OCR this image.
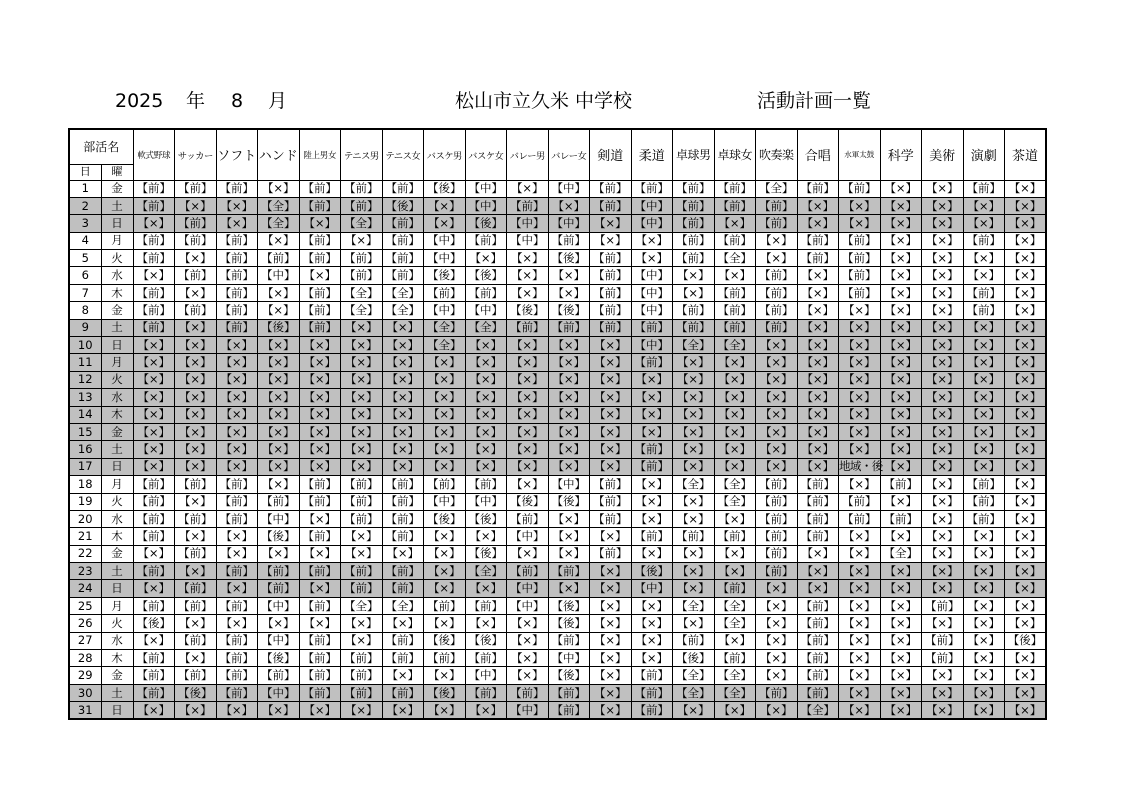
2025 年 8 月	松山市立久米 中学校	活動計画一覧
部活名		軟式野球	サッカー	ソフト	ハンド	陸上男女	テニス男	テニス女	バスケ男	バスケ女	バレー男	バレー女	剣道	柔道	卓球男	卓球女	吹奏楽	合唱	水軍太鼓	科学	美術	演劇	茶道
日	曜																						
1	金	【前】	【前】	【前】	【×】	【前】	【前】	【前】	【後】	【中】	【×】	【中】	【前】	【前】	【前】	【前】	【全】	【前】	【前】	【×】	【×】	【前】	【×】
2	土	【前】	【×】	【×】	【全】	【前】	【前】	【後】	【×】	【中】	【前】	【×】	【前】	【中】	【前】	【前】	【前】	【×】	【×】	【×】	【×】	【×】	【×】
3	日	【×】	【前】	【×】	【全】	【×】	【全】	【前】	【×】	【後】	【中】	【中】	【×】	【中】	【前】	【×】	【前】	【×】	【×】	【×】	【×】	【×】	【×】
4	月	【前】	【前】	【前】	【×】	【前】	【×】	【前】	【中】	【前】	【中】	【前】	【×】	【×】	【前】	【前】	【×】	【前】	【前】	【×】	【×】	【前】	【×】
5	火	【前】	【×】	【前】	【前】	【前】	【前】	【前】	【中】	【×】	【×】	【後】	【前】	【×】	【前】	【全】	【×】	【前】	【前】	【×】	【×】	【×】	【×】
6	水	【×】	【前】	【前】	【中】	【×】	【前】	【前】	【後】	【後】	【×】	【×】	【前】	【中】	【×】	【×】	【前】	【×】	【前】	【×】	【×】	【×】	【×】
7	木	【前】	【×】	【前】	【×】	【前】	【全】	【全】	【前】	【前】	【×】	【×】	【前】	【中】	【×】	【前】	【前】	【×】	【前】	【×】	【×】	【前】	【×】
8	金	【前】	【前】	【前】	【×】	【前】	【全】	【全】	【中】	【中】	【後】	【後】	【前】	【中】	【前】	【前】	【前】	【×】	【×】	【×】	【×】	【前】	【×】
9	土	【前】	【×】	【前】	【後】	【前】	【×】	【×】	【全】	【全】	【前】	【前】	【前】	【前】	【前】	【前】	【前】	【×】	【×】	【×】	【×】	【×】	【×】
10	日	【×】	【×】	【×】	【×】	【×】	【×】	【×】	【全】	【×】	【×】	【×】	【×】	【中】	【全】	【全】	【×】	【×】	【×】	【×】	【×】	【×】	【×】
11	月	【×】	【×】	【×】	【×】	【×】	【×】	【×】	【×】	【×】	【×】	【×】	【×】	【前】	【×】	【×】	【×】	【×】	【×】	【×】	【×】	【×】	【×】
12	火	【×】	【×】	【×】	【×】	【×】	【×】	【×】	【×】	【×】	【×】	【×】	【×】	【×】	【×】	【×】	【×】	【×】	【×】	【×】	【×】	【×】	【×】
13	水	【×】	【×】	【×】	【×】	【×】	【×】	【×】	【×】	【×】	【×】	【×】	【×】	【×】	【×】	【×】	【×】	【×】	【×】	【×】	【×】	【×】	【×】
14	木	【×】	【×】	【×】	【×】	【×】	【×】	【×】	【×】	【×】	【×】	【×】	【×】	【×】	【×】	【×】	【×】	【×】	【×】	【×】	【×】	【×】	【×】
15	金	【×】	【×】	【×】	【×】	【×】	【×】	【×】	【×】	【×】	【×】	【×】	【×】	【×】	【×】	【×】	【×】	【×】	【×】	【×】	【×】	【×】	【×】
16	土	【×】	【×】	【×】	【×】	【×】	【×】	【×】	【×】	【×】	【×】	【×】	【×】	【前】	【×】	【×】	【×】	【×】	【×】	【×】	【×】	【×】	【×】
17	日	【×】	【×】	【×】	【×】	【×】	【×】	【×】	【×】	【×】	【×】	【×】	【×】	【前】	【×】	【×】	【×】	【×】	地域・後	【×】	【×】	【×】	【×】
18	月	【前】	【前】	【前】	【×】	【前】	【前】	【前】	【前】	【前】	【×】	【中】	【前】	【×】	【全】	【全】	【前】	【前】	【×】	【前】	【×】	【前】	【×】
19	火	【前】	【×】	【前】	【前】	【前】	【前】	【前】	【中】	【中】	【後】	【後】	【前】	【×】	【×】	【全】	【前】	【前】	【前】	【×】	【×】	【前】	【×】
20	水	【前】	【前】	【前】	【中】	【×】	【前】	【前】	【後】	【後】	【前】	【×】	【前】	【×】	【×】	【×】	【前】	【前】	【前】	【前】	【×】	【前】	【×】
21	木	【前】	【×】	【×】	【後】	【前】	【×】	【前】	【×】	【×】	【中】	【×】	【×】	【前】	【前】	【前】	【前】	【前】	【×】	【×】	【×】	【×】	【×】
22	金	【×】	【前】	【×】	【×】	【×】	【×】	【×】	【×】	【後】	【×】	【×】	【前】	【×】	【×】	【×】	【前】	【×】	【×】	【全】	【×】	【×】	【×】
23	土	【前】	【×】	【前】	【前】	【前】	【前】	【前】	【×】	【全】	【前】	【前】	【×】	【後】	【×】	【×】	【前】	【×】	【×】	【×】	【×】	【×】	【×】
24	日	【×】	【前】	【×】	【前】	【×】	【前】	【前】	【×】	【×】	【中】	【×】	【×】	【中】	【×】	【前】	【×】	【×】	【×】	【×】	【×】	【×】	【×】
25	月	【前】	【前】	【前】	【中】	【前】	【全】	【全】	【前】	【前】	【中】	【後】	【×】	【×】	【全】	【全】	【×】	【前】	【×】	【×】	【前】	【×】	【×】
26	火	【後】	【×】	【×】	【×】	【×】	【×】	【×】	【×】	【×】	【×】	【後】	【×】	【×】	【×】	【全】	【×】	【前】	【×】	【×】	【×】	【×】	【×】
27	水	【×】	【前】	【前】	【中】	【前】	【×】	【前】	【後】	【後】	【×】	【前】	【×】	【×】	【前】	【×】	【×】	【前】	【×】	【×】	【前】	【×】	【後】
28	木	【前】	【×】	【前】	【後】	【前】	【前】	【前】	【前】	【前】	【×】	【中】	【×】	【×】	【後】	【前】	【×】	【前】	【×】	【×】	【前】	【×】	【×】
29	金	【前】	【前】	【前】	【前】	【前】	【前】	【×】	【×】	【中】	【×】	【後】	【×】	【前】	【全】	【全】	【×】	【前】	【×】	【×】	【×】	【×】	【×】
30	土	【前】	【後】	【前】	【中】	【前】	【前】	【前】	【後】	【前】	【前】	【前】	【×】	【前】	【全】	【全】	【前】	【前】	【×】	【×】	【×】	【×】	【×】
31	日	【×】	【×】	【×】	【×】	【×】	【×】	【×】	【×】	【×】	【中】	【前】	【×】	【前】	【×】	【×】	【×】	【全】	【×】	【×】	【×】	【×】	【×】
